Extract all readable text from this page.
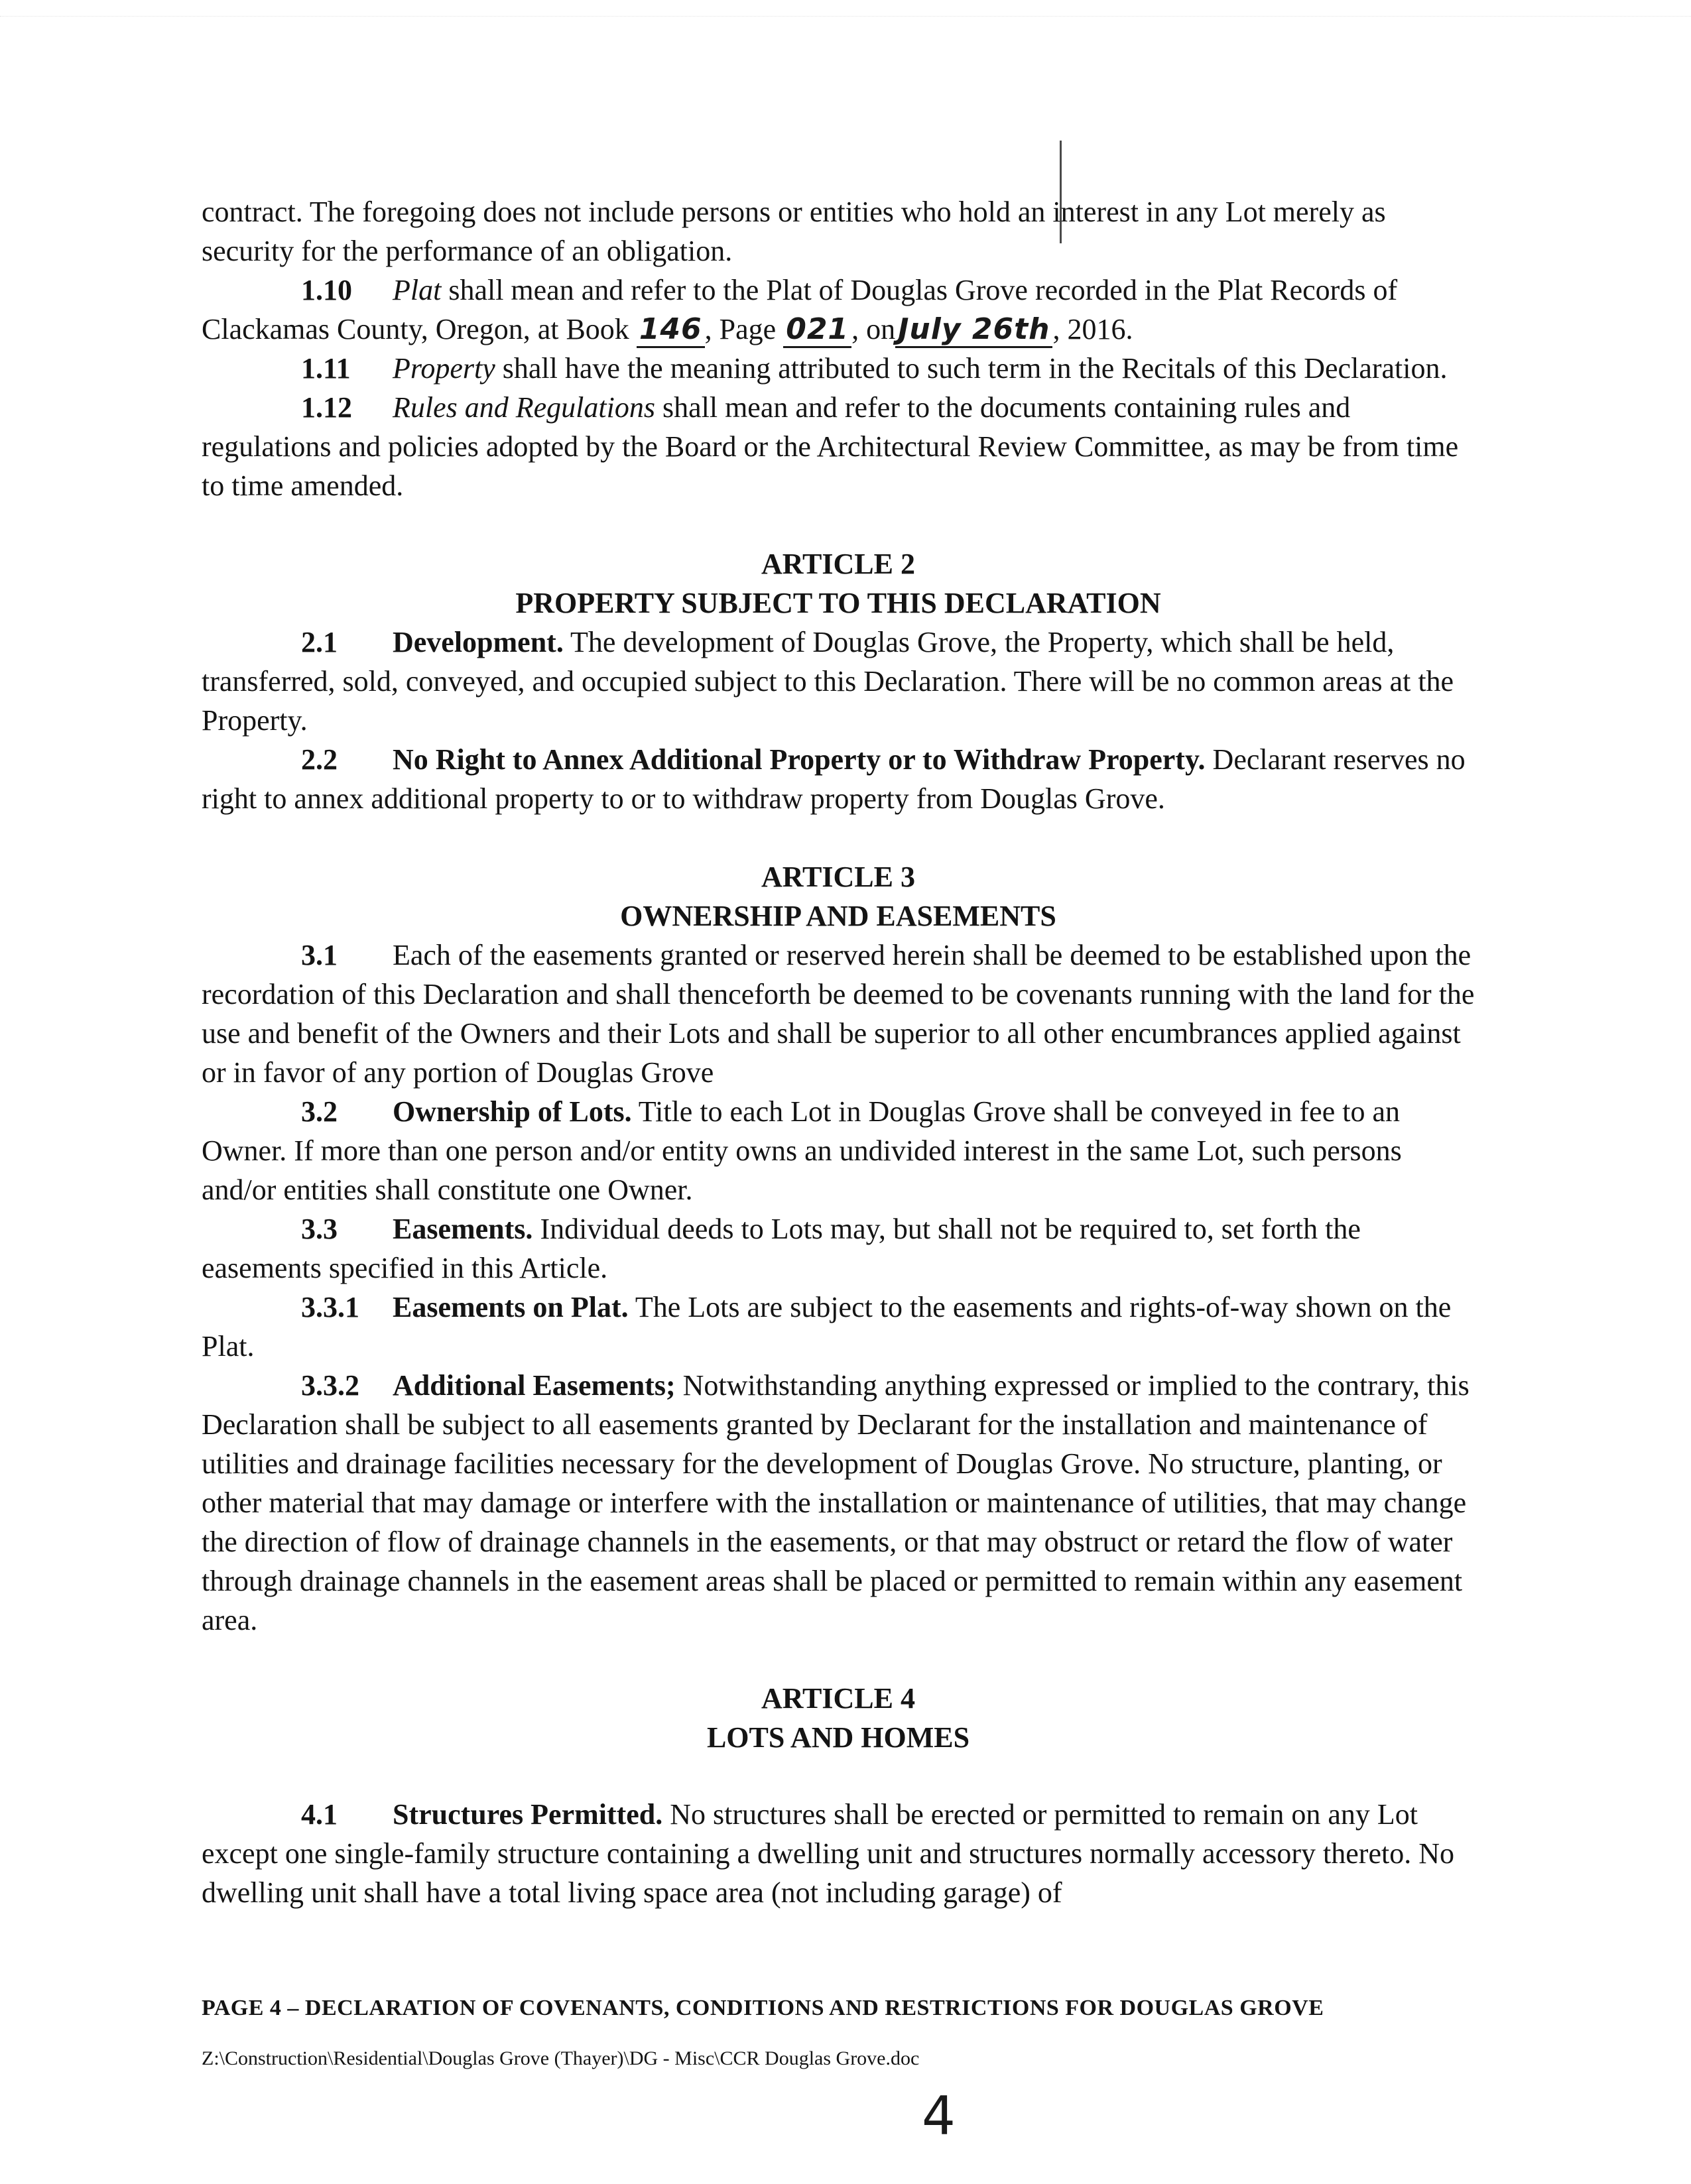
contract. The foregoing does not include persons or entities who hold an interest in any Lot merely as security for the performance of an obligation.

1.10 Plat shall mean and refer to the Plat of Douglas Grove recorded in the Plat Records of Clackamas County, Oregon, at Book 146, Page 021, onJuly 26th, 2016.

1.11 Property shall have the meaning attributed to such term in the Recitals of this Declaration.

1.12 Rules and Regulations shall mean and refer to the documents containing rules and regulations and policies adopted by the Board or the Architectural Review Committee, as may be from time to time amended.

ARTICLE 2

PROPERTY SUBJECT TO THIS DECLARATION

2.1 Development. The development of Douglas Grove, the Property, which shall be held, transferred, sold, conveyed, and occupied subject to this Declaration. There will be no common areas at the Property.

2.2 No Right to Annex Additional Property or to Withdraw Property. Declarant reserves no right to annex additional property to or to withdraw property from Douglas Grove.

ARTICLE 3

OWNERSHIP AND EASEMENTS

3.1 Each of the easements granted or reserved herein shall be deemed to be established upon the recordation of this Declaration and shall thenceforth be deemed to be covenants running with the land for the use and benefit of the Owners and their Lots and shall be superior to all other encumbrances applied against or in favor of any portion of Douglas Grove

3.2 Ownership of Lots. Title to each Lot in Douglas Grove shall be conveyed in fee to an Owner. If more than one person and/or entity owns an undivided interest in the same Lot, such persons and/or entities shall constitute one Owner.

3.3 Easements. Individual deeds to Lots may, but shall not be required to, set forth the easements specified in this Article.

3.3.1 Easements on Plat. The Lots are subject to the easements and rights-of-way shown on the Plat.

3.3.2 Additional Easements; Notwithstanding anything expressed or implied to the contrary, this Declaration shall be subject to all easements granted by Declarant for the installation and maintenance of utilities and drainage facilities necessary for the development of Douglas Grove. No structure, planting, or other material that may damage or interfere with the installation or maintenance of utilities, that may change the direction of flow of drainage channels in the easements, or that may obstruct or retard the flow of water through drainage channels in the easement areas shall be placed or permitted to remain within any easement area.

ARTICLE 4

LOTS AND HOMES

4.1 Structures Permitted. No structures shall be erected or permitted to remain on any Lot except one single-family structure containing a dwelling unit and structures normally accessory thereto. No dwelling unit shall have a total living space area (not including garage) of

PAGE 4 – DECLARATION OF COVENANTS, CONDITIONS AND RESTRICTIONS FOR DOUGLAS GROVE
Z:\Construction\Residential\Douglas Grove (Thayer)\DG - Misc\CCR Douglas Grove.doc
4
